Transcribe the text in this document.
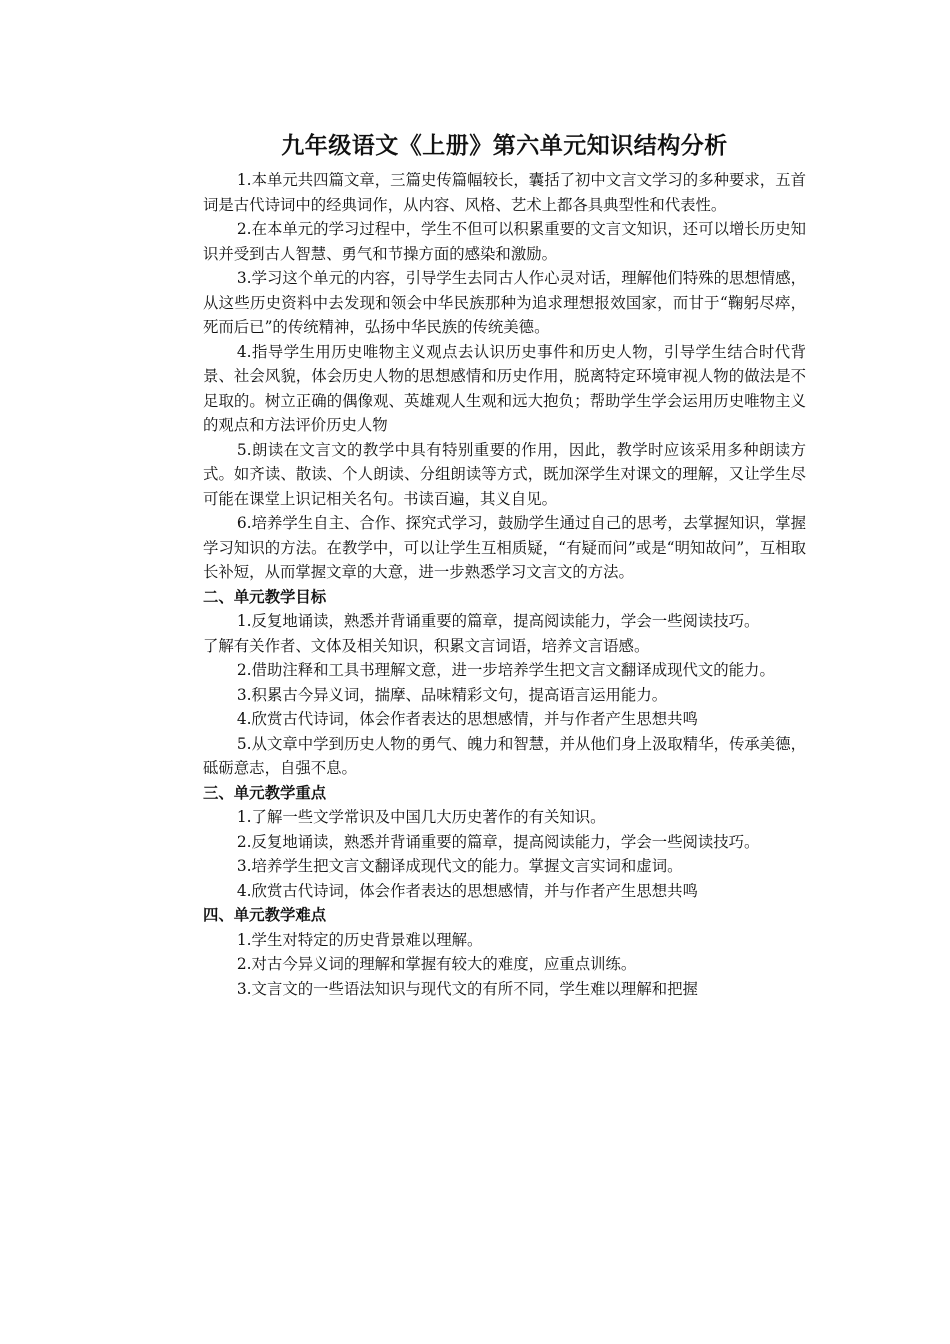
九年级语文《上册》第六单元知识结构分析

1.本单元共四篇文章，三篇史传篇幅较长，囊括了初中文言文学习的多种要求，五首词是古代诗词中的经典词作，从内容、风格、艺术上都各具典型性和代表性。

2.在本单元的学习过程中，学生不但可以积累重要的文言文知识，还可以增长历史知识并受到古人智慧、勇气和节操方面的感染和激励。

3.学习这个单元的内容，引导学生去同古人作心灵对话，理解他们特殊的思想情感，从这些历史资料中去发现和领会中华民族那种为追求理想报效国家，而甘于“鞠躬尽瘁，死而后已”的传统精神，弘扬中华民族的传统美德。

4.指导学生用历史唯物主义观点去认识历史事件和历史人物，引导学生结合时代背景、社会风貌，体会历史人物的思想感情和历史作用，脱离特定环境审视人物的做法是不足取的。树立正确的偶像观、英雄观人生观和远大抱负；帮助学生学会运用历史唯物主义的观点和方法评价历史人物

5.朗读在文言文的教学中具有特别重要的作用，因此，教学时应该采用多种朗读方式。如齐读、散读、个人朗读、分组朗读等方式，既加深学生对课文的理解，又让学生尽可能在课堂上识记相关名句。书读百遍，其义自见。

6.培养学生自主、合作、探究式学习，鼓励学生通过自己的思考，去掌握知识，掌握学习知识的方法。在教学中，可以让学生互相质疑，“有疑而问”或是“明知故问”，互相取长补短，从而掌握文章的大意，进一步熟悉学习文言文的方法。

二、单元教学目标

1.反复地诵读，熟悉并背诵重要的篇章，提高阅读能力，学会一些阅读技巧。

了解有关作者、文体及相关知识，积累文言词语，培养文言语感。

2.借助注释和工具书理解文意，进一步培养学生把文言文翻译成现代文的能力。

3.积累古今异义词，揣摩、品味精彩文句，提高语言运用能力。

4.欣赏古代诗词，体会作者表达的思想感情，并与作者产生思想共鸣

5.从文章中学到历史人物的勇气、魄力和智慧，并从他们身上汲取精华，传承美德，砥砺意志，自强不息。

三、单元教学重点

1.了解一些文学常识及中国几大历史著作的有关知识。

2.反复地诵读，熟悉并背诵重要的篇章，提高阅读能力，学会一些阅读技巧。

3.培养学生把文言文翻译成现代文的能力。掌握文言实词和虚词。

4.欣赏古代诗词，体会作者表达的思想感情，并与作者产生思想共鸣

四、单元教学难点

1.学生对特定的历史背景难以理解。

2.对古今异义词的理解和掌握有较大的难度，应重点训练。

3.文言文的一些语法知识与现代文的有所不同，学生难以理解和把握
